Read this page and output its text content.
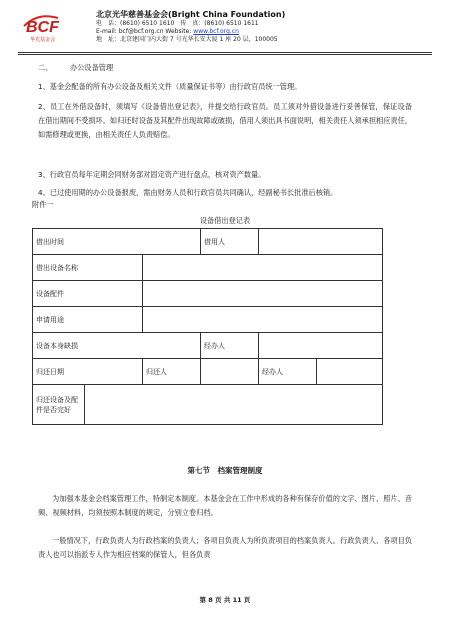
BCF
华光基金会
北京光华慈善基金会(Bright China Foundation)
电　话：(8610) 6510 1610　传　真：(8610) 6510 1611
E-mail: bcf@bcf.org.cn Website: www.bcf.org.cn
地　址：北京建国门内大街 7 号光华长安大厦 1 座 20 层，100005
二、 办公设备管理
1、基金会配备的所有办公设备及相关文件（质量保证书等）由行政官员统一管理。
2、员工在外借设备时，须填写《设备借出登记表》，并提交给行政官员。员工须对外借设备进行妥善保管，保证设备在借出期间不受损坏。如归还时设备及其配件出现故障或破损，借用人须出具书面说明，相关责任人须承担相应责任，如需修理或更换，由相关责任人负责赔偿。
3、行政官员每年定期会同财务部对固定资产进行盘点，核对资产数量。
4、已过使用期的办公设备报废，需由财务人员和行政官员共同确认，经副秘书长批准后核销。
附件一
设备借出登记表
借出时间			借用人		
借出设备名称					
设备配件					
申请用途					
设备本身缺损			经办人		
归还日期		归还人		经办人	
归还设备及配件是否完好					
第七节　档案管理制度
为加强本基金会档案管理工作，特制定本制度。本基金会在工作中形成的各种有保存价值的文字、图片、照片、音频、视频材料，均须按照本制度的规定，分别立卷归档。
一般情况下，行政负责人为行政档案的负责人；各项目负责人为所负责项目的档案负责人。行政负责人、各项目负责人也可以指派专人作为相应档案的保管人，但各负责
第 8 页 共 11 页
